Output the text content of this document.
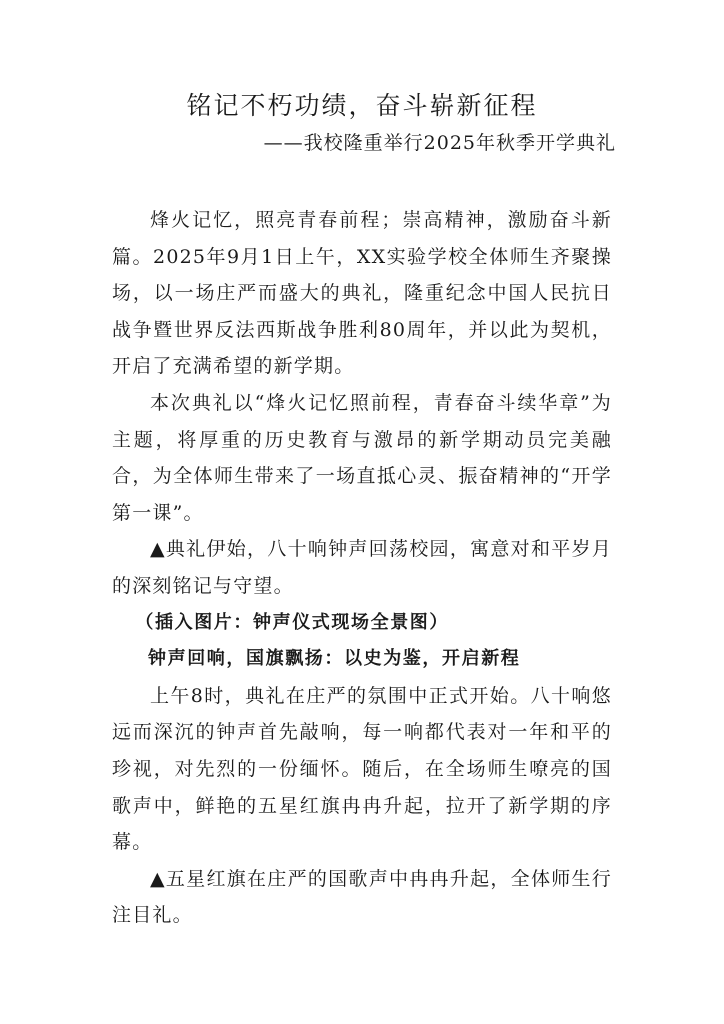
铭记不朽功绩，奋斗崭新征程
——我校隆重举行2025年秋季开学典礼

烽火记忆，照亮青春前程；崇高精神，激励奋斗新篇。2025年9月1日上午，XX实验学校全体师生齐聚操场，以一场庄严而盛大的典礼，隆重纪念中国人民抗日战争暨世界反法西斯战争胜利80周年，并以此为契机，开启了充满希望的新学期。

本次典礼以“烽火记忆照前程，青春奋斗续华章”为主题，将厚重的历史教育与激昂的新学期动员完美融合，为全体师生带来了一场直抵心灵、振奋精神的“开学第一课”。

▲典礼伊始，八十响钟声回荡校园，寓意对和平岁月的深刻铭记与守望。

（插入图片：钟声仪式现场全景图）

钟声回响，国旗飘扬：以史为鉴，开启新程

上午8时，典礼在庄严的氛围中正式开始。八十响悠远而深沉的钟声首先敲响，每一响都代表对一年和平的珍视，对先烈的一份缅怀。随后，在全场师生嘹亮的国歌声中，鲜艳的五星红旗冉冉升起，拉开了新学期的序幕。

▲五星红旗在庄严的国歌声中冉冉升起，全体师生行注目礼。
